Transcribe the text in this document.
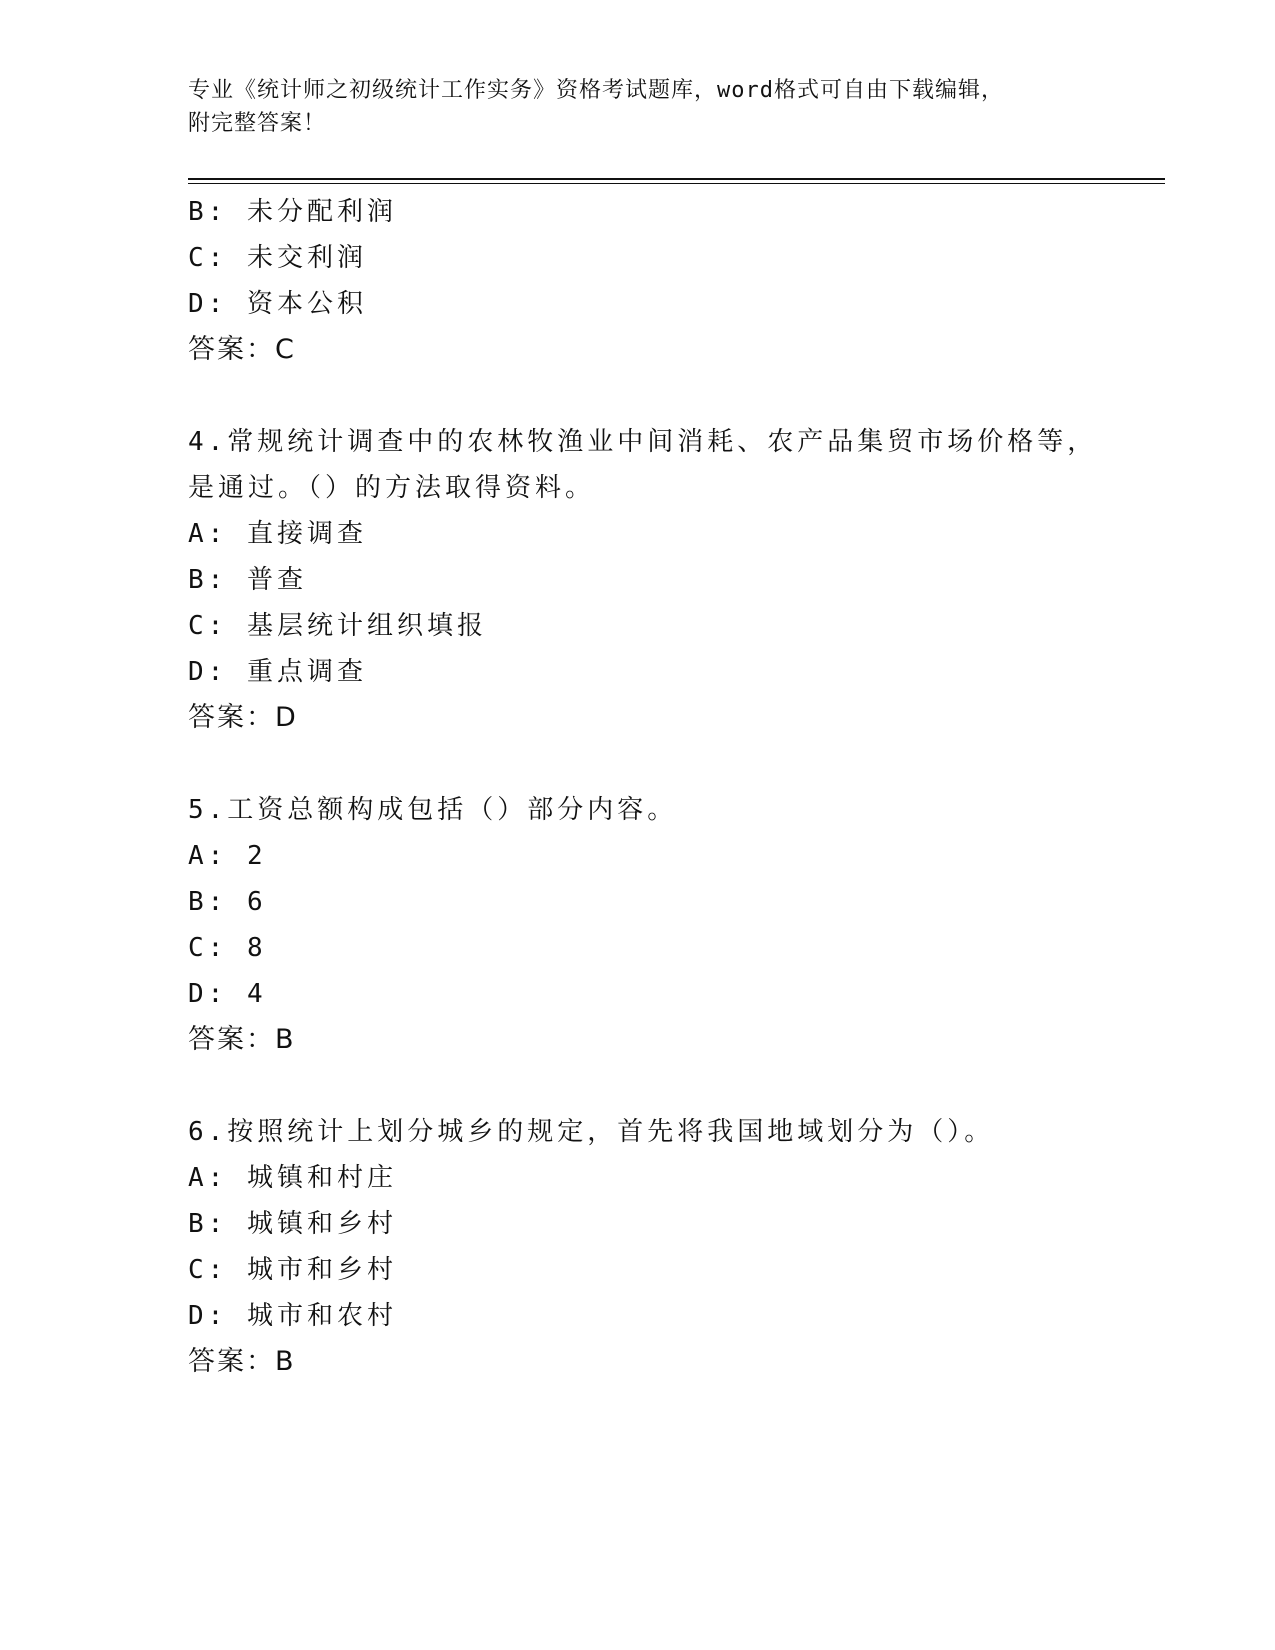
专业《统计师之初级统计工作实务》资格考试题库，word格式可自由下载编辑，
附完整答案！
B: 未分配利润
C: 未交利润
D: 资本公积
答案：C
4.常规统计调查中的农林牧渔业中间消耗、农产品集贸市场价格等，
是通过。（）的方法取得资料。
A: 直接调查
B: 普查
C: 基层统计组织填报
D: 重点调查
答案：D
5.工资总额构成包括（）部分内容。
A: 2
B: 6
C: 8
D: 4
答案：B
6.按照统计上划分城乡的规定，首先将我国地域划分为（）。
A: 城镇和村庄
B: 城镇和乡村
C: 城市和乡村
D: 城市和农村
答案：B
